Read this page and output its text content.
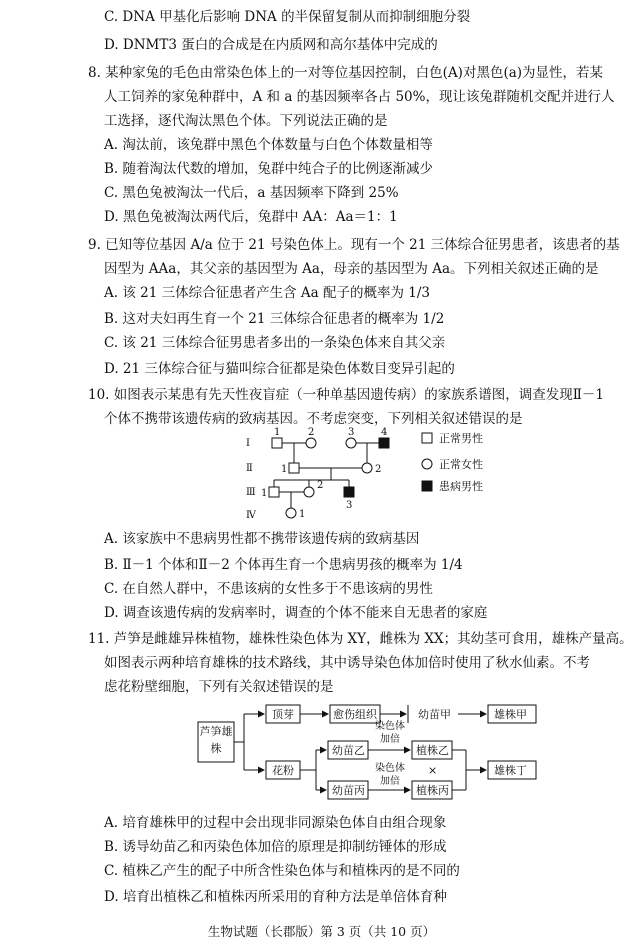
C. DNA 甲基化后影响 DNA 的半保留复制从而抑制细胞分裂
D. DNMT3 蛋白的合成是在内质网和高尔基体中完成的
8. 某种家兔的毛色由常染色体上的一对等位基因控制，白色(A)对黑色(a)为显性，若某
人工饲养的家兔种群中，A 和 a 的基因频率各占 50%，现让该兔群随机交配并进行人
工选择，逐代淘汰黑色个体。下列说法正确的是
A. 淘汰前，该兔群中黑色个体数量与白色个体数量相等
B. 随着淘汰代数的增加，兔群中纯合子的比例逐渐减少
C. 黑色兔被淘汰一代后，a 基因频率下降到 25%
D. 黑色兔被淘汰两代后，兔群中 AA：Aa＝1：1
9. 已知等位基因 A/a 位于 21 号染色体上。现有一个 21 三体综合征男患者，该患者的基
因型为 AAa，其父亲的基因型为 Aa，母亲的基因型为 Aa。下列相关叙述正确的是
A. 该 21 三体综合征患者产生含 Aa 配子的概率为 1/3
B. 这对夫妇再生育一个 21 三体综合征患者的概率为 1/2
C. 该 21 三体综合征男患者多出的一条染色体来自其父亲
D. 21 三体综合征与猫叫综合征都是染色体数目变异引起的
10. 如图表示某患有先天性夜盲症（一种单基因遗传病）的家族系谱图，调查发现Ⅱ－1
个体不携带该遗传病的致病基因。不考虑突变，下列相关叙述错误的是
Ⅰ
Ⅱ
Ⅲ
Ⅳ
1	2	3	4
1	2
1
2
3
1
正常男性
正常女性
患病男性
A. 该家族中不患病男性都不携带该遗传病的致病基因
B. Ⅱ－1 个体和Ⅱ－2 个体再生育一个患病男孩的概率为 1/4
C. 在自然人群中，不患该病的女性多于不患该病的男性
D. 调查该遗传病的发病率时，调查的个体不能来自无患者的家庭
11. 芦笋是雌雄异株植物，雄株性染色体为 XY，雌株为 XX；其幼茎可食用，雄株产量高。
如图表示两种培育雄株的技术路线，其中诱导染色体加倍时使用了秋水仙素。不考
虑花粉壁细胞，下列有关叙述错误的是
芦笋雄株
顶芽	愈伤组织	幼苗甲	雄株甲
花粉
幼苗乙
幼苗丙
染色体加倍
染色体加倍
植株乙
植株丙
×	雄株丁
A. 培育雄株甲的过程中会出现非同源染色体自由组合现象
B. 诱导幼苗乙和丙染色体加倍的原理是抑制纺锤体的形成
C. 植株乙产生的配子中所含性染色体与和植株丙的是不同的
D. 培育出植株乙和植株丙所采用的育种方法是单倍体育种
生物试题（长郡版）第 3 页（共 10 页）
